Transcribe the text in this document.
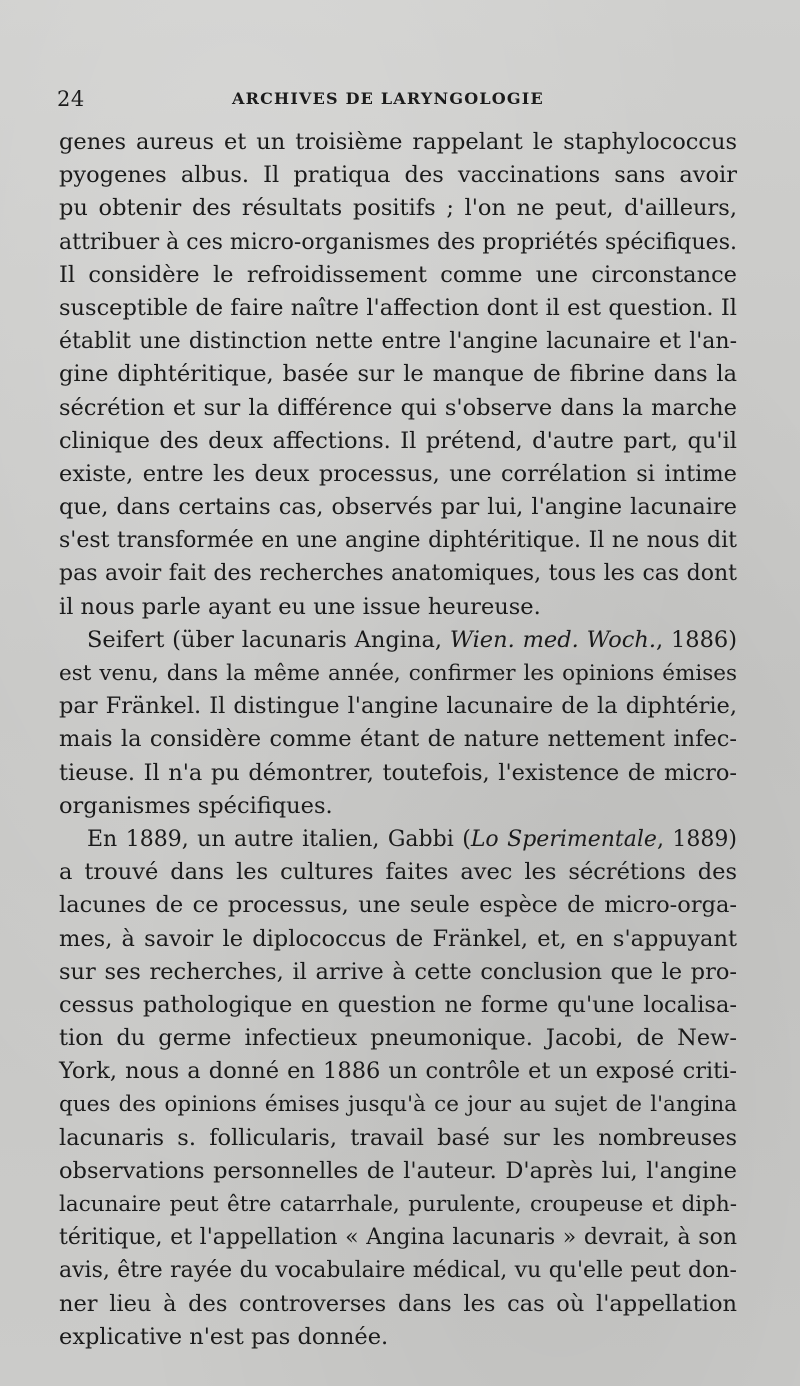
24	ARCHIVES DE LARYNGOLOGIE
genes aureus et un troisième rappelant le staphylococcus
pyogenes albus. Il pratiqua des vaccinations sans avoir
pu obtenir des résultats positifs ; l'on ne peut, d'ailleurs,
attribuer à ces micro-organismes des propriétés spécifiques.
Il considère le refroidissement comme une circonstance
susceptible de faire naître l'affection dont il est question. Il
établit une distinction nette entre l'angine lacunaire et l'an-
gine diphtéritique, basée sur le manque de fibrine dans la
sécrétion et sur la différence qui s'observe dans la marche
clinique des deux affections. Il prétend, d'autre part, qu'il
existe, entre les deux processus, une corrélation si intime
que, dans certains cas, observés par lui, l'angine lacunaire
s'est transformée en une angine diphtéritique. Il ne nous dit
pas avoir fait des recherches anatomiques, tous les cas dont
il nous parle ayant eu une issue heureuse.
Seifert (über lacunaris Angina, Wien. med. Woch., 1886)
est venu, dans la même année, confirmer les opinions émises
par Fränkel. Il distingue l'angine lacunaire de la diphtérie,
mais la considère comme étant de nature nettement infec-
tieuse. Il n'a pu démontrer, toutefois, l'existence de micro-
organismes spécifiques.
En 1889, un autre italien, Gabbi (Lo Sperimentale, 1889)
a trouvé dans les cultures faites avec les sécrétions des
lacunes de ce processus, une seule espèce de micro-orga-
mes, à savoir le diplococcus de Fränkel, et, en s'appuyant
sur ses recherches, il arrive à cette conclusion que le pro-
cessus pathologique en question ne forme qu'une localisa-
tion du germe infectieux pneumonique. Jacobi, de New-
York, nous a donné en 1886 un contrôle et un exposé criti-
ques des opinions émises jusqu'à ce jour au sujet de l'angina
lacunaris s. follicularis, travail basé sur les nombreuses
observations personnelles de l'auteur. D'après lui, l'angine
lacunaire peut être catarrhale, purulente, croupeuse et diph-
téritique, et l'appellation « Angina lacunaris » devrait, à son
avis, être rayée du vocabulaire médical, vu qu'elle peut don-
ner lieu à des controverses dans les cas où l'appellation
explicative n'est pas donnée.
